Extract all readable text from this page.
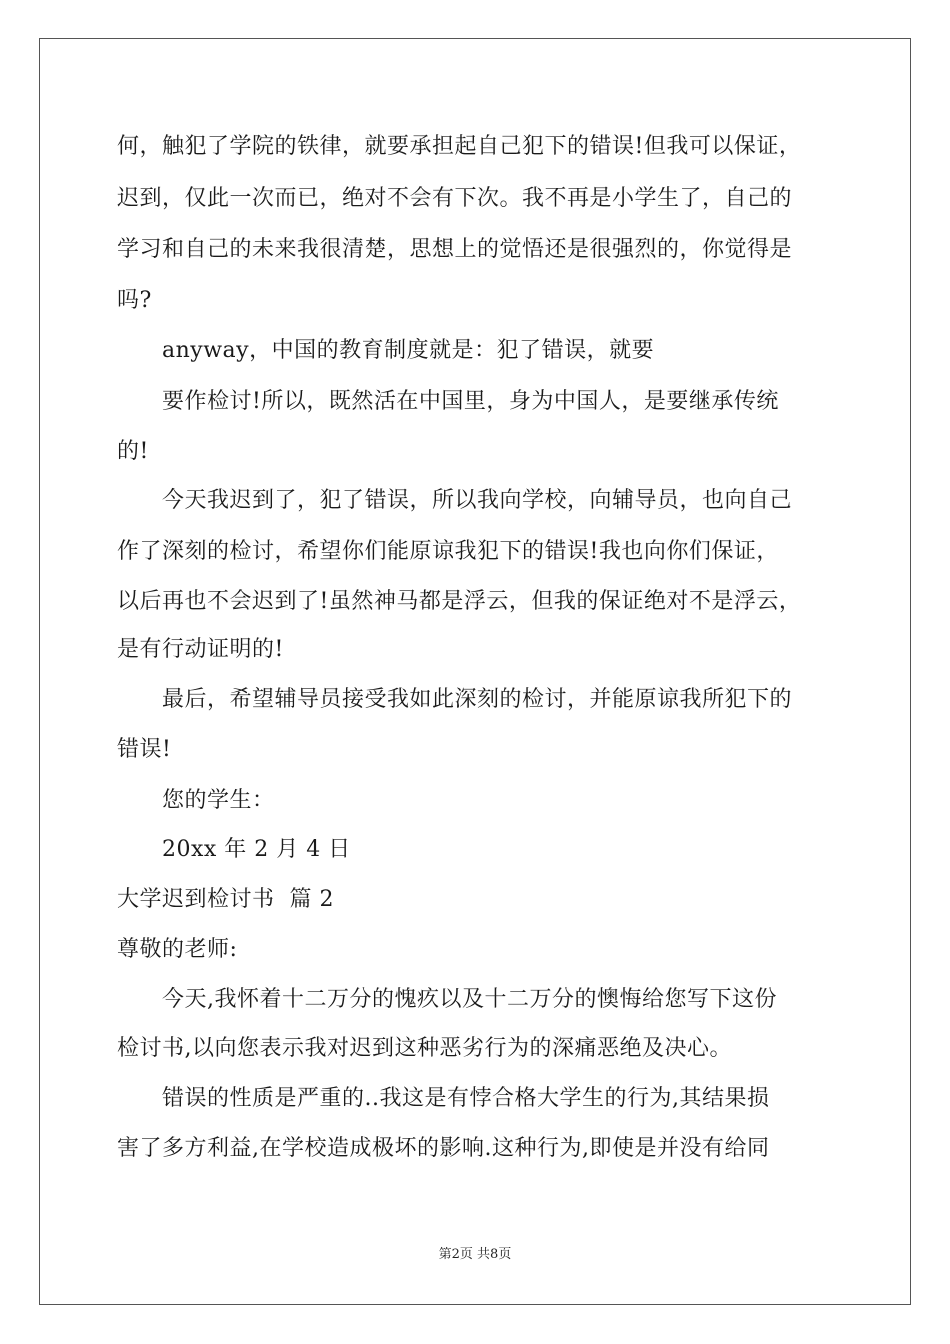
何，触犯了学院的铁律，就要承担起自己犯下的错误!但我可以保证，
迟到，仅此一次而已，绝对不会有下次。我不再是小学生了，自己的
学习和自己的未来我很清楚，思想上的觉悟还是很强烈的，你觉得是
吗?
anyway，中国的教育制度就是：犯了错误，就要
要作检讨!所以，既然活在中国里，身为中国人，是要继承传统
的!
今天我迟到了，犯了错误，所以我向学校，向辅导员，也向自己
作了深刻的检讨，希望你们能原谅我犯下的错误!我也向你们保证，
以后再也不会迟到了!虽然神马都是浮云，但我的保证绝对不是浮云，
是有行动证明的!
最后，希望辅导员接受我如此深刻的检讨，并能原谅我所犯下的
错误!
您的学生：
20xx 年 2 月 4 日
大学迟到检讨书  篇 2
尊敬的老师:
今天,我怀着十二万分的愧疚以及十二万分的懊悔给您写下这份
检讨书,以向您表示我对迟到这种恶劣行为的深痛恶绝及决心。
错误的性质是严重的..我这是有悖合格大学生的行为,其结果损
害了多方利益,在学校造成极坏的影响.这种行为,即使是并没有给同
第2页 共8页
